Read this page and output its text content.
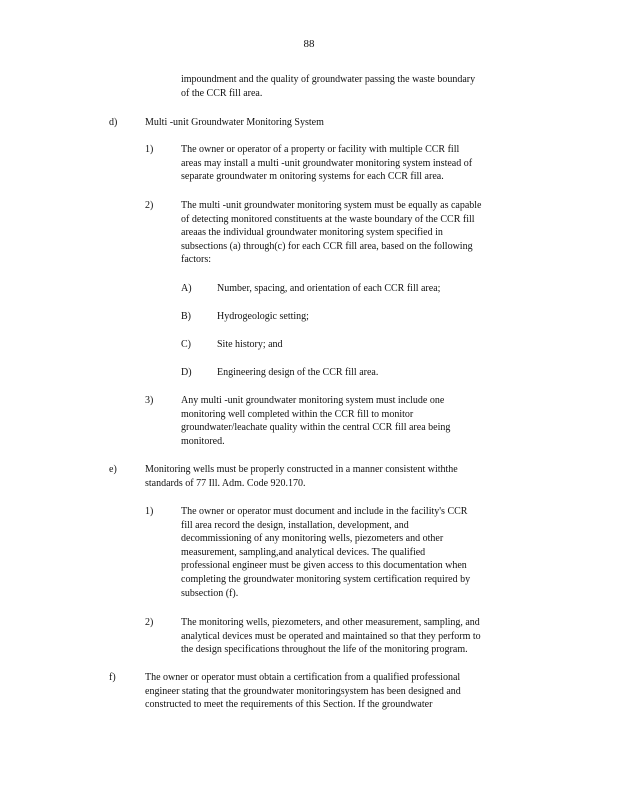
88
impoundment and the quality of groundwater passing the waste boundary
of the CCR fill area.
d)	Multi -unit Groundwater Monitoring System
1)	The owner or operator of a property or facility with multiple CCR fill
areas may install a multi -unit groundwater monitoring system instead of
separate groundwater m onitoring systems for each CCR fill area.
2)	The multi -unit groundwater monitoring system must be equally as capable
of detecting monitored constituents at the waste boundary of the CCR fill
areaas the individual groundwater monitoring system specified in
subsections (a) through(c) for each CCR fill area, based on the following
factors:
A)	Number, spacing, and orientation of each CCR fill area;
B)	Hydrogeologic setting;
C)	Site history; and
D)	Engineering design of the CCR fill area.
3)	Any multi -unit groundwater monitoring system must include one
monitoring well completed within the CCR fill to monitor
groundwater/leachate quality within the central CCR fill area being
monitored.
e)	Monitoring wells must be properly constructed in a manner consistent withthe
standards of 77 Ill. Adm. Code 920.170.
1)	The owner or operator must document and include in the facility's CCR
fill area record the design, installation, development, and
decommissioning of any monitoring wells, piezometers and other
measurement, sampling,and analytical devices. The qualified
professional engineer must be given access to this documentation when
completing the groundwater monitoring system certification required by
subsection (f).
2)	The monitoring wells, piezometers, and other measurement, sampling, and
analytical devices must be operated and maintained so that they perform to
the design specifications throughout the life of the monitoring program.
f)	The owner or operator must obtain a certification from a qualified professional
engineer stating that the groundwater monitoringsystem has been designed and
constructed to meet the requirements of this Section. If the groundwater
